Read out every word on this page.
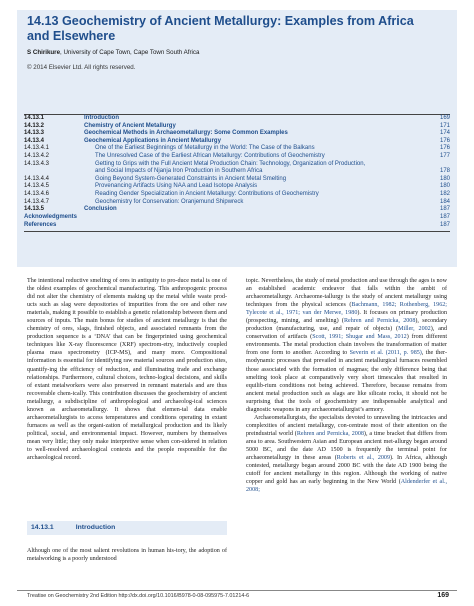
14.13 Geochemistry of Ancient Metallurgy: Examples from Africa
and Elsewhere
S Chirikure, University of Cape Town, Cape Town South Africa
© 2014 Elsevier Ltd. All rights reserved.
14.13.1	Introduction	169
14.13.2	Chemistry of Ancient Metallurgy	171
14.13.3	Geochemical Methods in Archaeometallurgy: Some Common Examples	174
14.13.4	Geochemical Applications in Ancient Metallurgy	176
14.13.4.1	One of the Earliest Beginnings of Metallurgy in the World: The Case of the Balkans	176
14.13.4.2	The Unresolved Case of the Earliest African Metallurgy: Contributions of Geochemistry	177
14.13.4.3	Getting to Grips with the Full Ancient Metal Production Chain: Technology, Organization of Production,
and Social Impacts of Njanja Iron Production in Southern Africa	178
14.13.4.4	Going Beyond System-Generated Constraints in Ancient Metal Smelting	180
14.13.4.5	Provenancing Artifacts Using NAA and Lead Isotope Analysis	180
14.13.4.6	Reading Gender Specialization in Ancient Metallurgy: Contributions of Geochemistry	182
14.13.4.7	Geochemistry for Conservation: Oranjemund Shipwreck	184
14.13.5	Conclusion	187
Acknowledgments	187
References	187

The intentional reductive smelting of ores in antiquity to pro-duce metal is one of the oldest examples of geochemical manufacturing. This anthropogenic process did not alter the chemistry of elements making up the metal while waste prod-ucts such as slag were depositories of impurities from the ore and other raw materials, making it possible to establish a genetic relationship between them and sources of inputs. The main bonus for studies of ancient metallurgy is that the chemistry of ores, slags, finished objects, and associated remnants from the production sequence is a ‘DNA’ that can be fingerprinted using geochemical techniques like X-ray fluorescence (XRF) spectrom-etry, inductively coupled plasma mass spectrometry (ICP-MS), and many more. Compositional information is essential for identifying raw material sources and production sites, quantify-ing the efficiency of reduction, and illuminating trade and exchange relationships. Furthermore, cultural choices, techno-logical decisions, and skills of extant metalworkers were also preserved in remnant materials and are thus recoverable chem-ically. This contribution discusses the geochemistry of ancient metallurgy, a subdiscipline of anthropological and archaeolog-ical sciences known as archaeometallurgy. It shows that elemen-tal data enable archaeometallurgists to access temperatures and conditions operating in extant furnaces as well as the organi-zation of metallurgical production and its likely political, social, and environmental impact. However, numbers by themselves mean very little; they only make interpretive sense when con-sidered in relation to well-resolved archaeological contexts and the people responsible for the archaeological record.

14.13.1	Introduction

Although one of the most salient revolutions in human his-tory, the adoption of metalworking is a poorly understood

topic. Nevertheless, the study of metal production and use through the ages is now an established academic endeavor that falls within the ambit of archaeometallurgy. Archaeome-tallurgy is the study of ancient metallurgy using techniques from the physical sciences (Bachmann, 1982; Rothenberg, 1962; Tylecote et al., 1971; van der Merwe, 1980). It focuses on primary production (prospecting, mining, and smelting) (Rehren and Pernicka, 2008), secondary production (manufacturing, use, and repair of objects) (Miller, 2002), and conservation of artifacts (Scott, 1991; Shugar and Mass, 2012) from different environments. The metal production chain involves the transformation of matter from one form to another. According to Severin et al. (2011, p. 985), the ther-modynamic processes that prevailed in ancient metallurgical furnaces resembled those associated with the formation of magmas; the only difference being that smelting took place at comparatively very short timescales that resulted in equilib-rium conditions not being achieved. Therefore, because remains from ancient metal production such as slags are like silicate rocks, it should not be surprising that the tools of geochemistry are indispensable analytical and diagnostic weapons in any archaeometallurgist’s armory.

Archaeometallurgists, the specialists devoted to unraveling the intricacies and complexities of ancient metallurgy, con-centrate most of their attention on the preindustrial world (Rehren and Pernicka, 2008), a time bracket that differs from area to area. Southwestern Asian and European ancient met-allurgy began around 5000 BC, and the date AD 1500 is frequently the terminal point for archaeometallurgy in these areas (Roberts et al., 2009). In Africa, although contested, metallurgy began around 2000 BC with the date AD 1900 being the cutoff for ancient metallurgy in this region. Although the working of native copper and gold has an early beginning in the New World (Aldenderfer et al., 2008;

Treatise on Geochemistry 2nd Edition http://dx.doi.org/10.1016/B978-0-08-095975-7.01214-6	169
